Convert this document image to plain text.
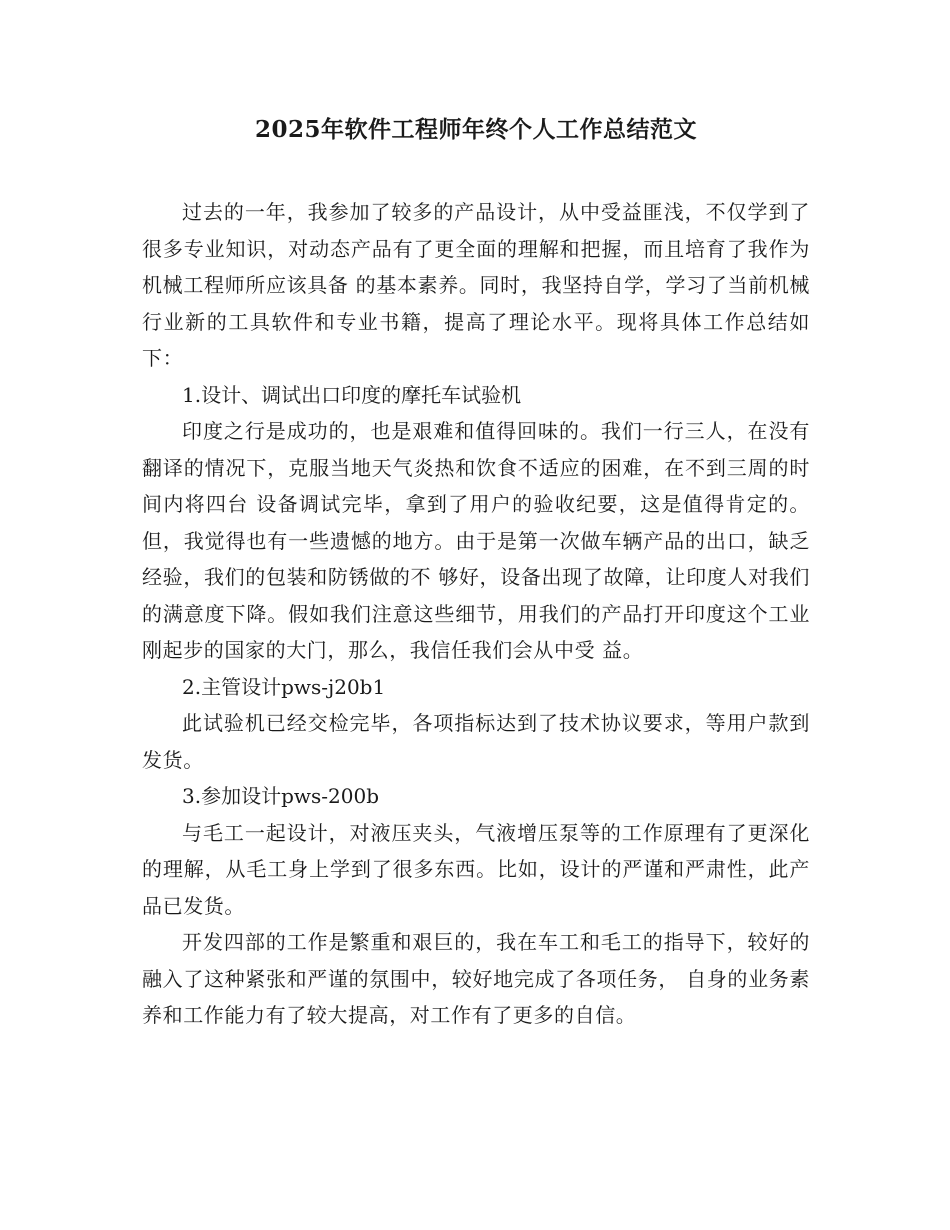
2025年软件工程师年终个人工作总结范文

过去的一年，我参加了较多的产品设计，从中受益匪浅，不仅学到了很多专业知识，对动态产品有了更全面的理解和把握，而且培育了我作为机械工程师所应该具备 的基本素养。同时，我坚持自学，学习了当前机械行业新的工具软件和专业书籍，提高了理论水平。现将具体工作总结如下：

1.设计、调试出口印度的摩托车试验机

印度之行是成功的，也是艰难和值得回味的。我们一行三人，在没有翻译的情况下，克服当地天气炎热和饮食不适应的困难，在不到三周的时间内将四台 设备调试完毕，拿到了用户的验收纪要，这是值得肯定的。但，我觉得也有一些遗憾的地方。由于是第一次做车辆产品的出口，缺乏经验，我们的包装和防锈做的不 够好，设备出现了故障，让印度人对我们的满意度下降。假如我们注意这些细节，用我们的产品打开印度这个工业刚起步的国家的大门，那么，我信任我们会从中受 益。

2.主管设计pws-j20b1

此试验机已经交检完毕，各项指标达到了技术协议要求，等用户款到发货。

3.参加设计pws-200b

与毛工一起设计，对液压夹头，气液增压泵等的工作原理有了更深化的理解，从毛工身上学到了很多东西。比如，设计的严谨和严肃性，此产品已发货。

开发四部的工作是繁重和艰巨的，我在车工和毛工的指导下，较好的融入了这种紧张和严谨的氛围中，较好地完成了各项任务， 自身的业务素养和工作能力有了较大提高，对工作有了更多的自信。
